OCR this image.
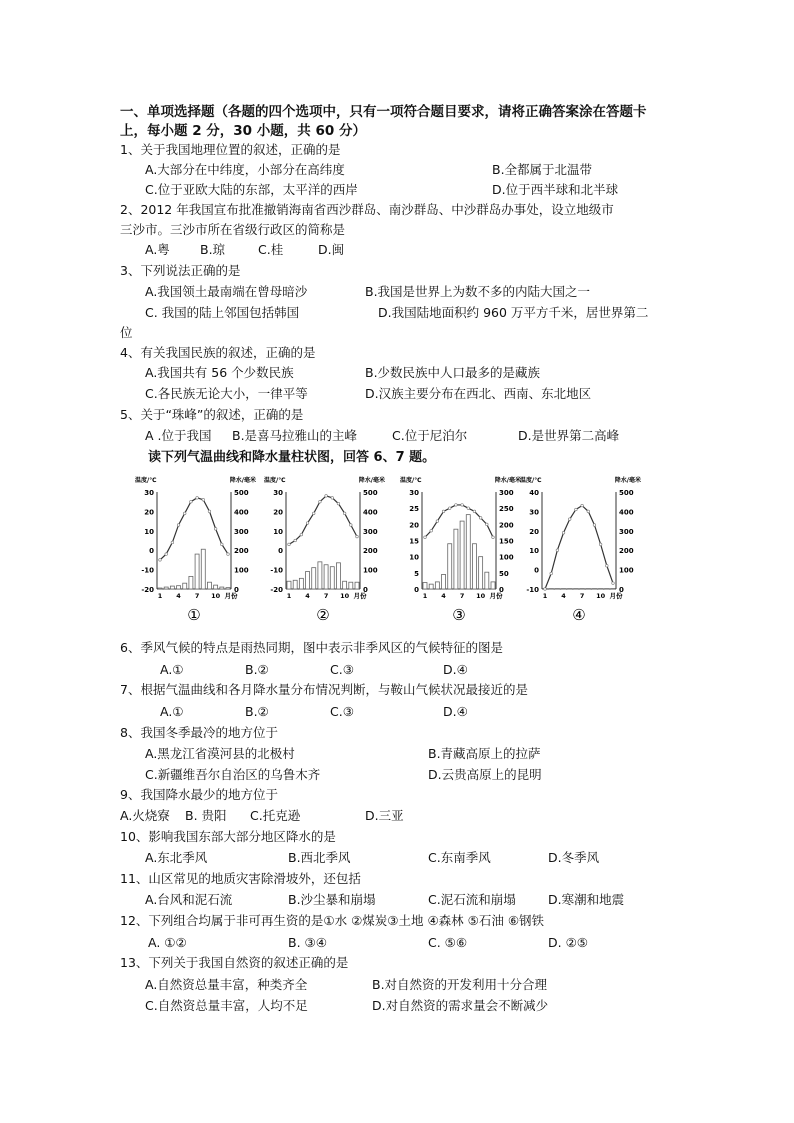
一、单项选择题（各题的四个选项中，只有一项符合题目要求，请将正确答案涂在答题卡
上，每小题 2 分，30 小题，共 60 分）
1、关于我国地理位置的叙述，正确的是
A.大部分在中纬度，小部分在高纬度	B.全都属于北温带
C.位于亚欧大陆的东部，太平洋的西岸	D.位于西半球和北半球
2、2012 年我国宣布批准撤销海南省西沙群岛、南沙群岛、中沙群岛办事处，设立地级市
三沙市。三沙市所在省级行政区的简称是
A.粤 B.琼	C.桂	D.闽
3、下列说法正确的是
A.我国领土最南端在曾母暗沙	B.我国是世界上为数不多的内陆大国之一
C. 我国的陆上邻国包括韩国	D.我国陆地面积约 960 万平方千米，居世界第二
位
4、有关我国民族的叙述，正确的是
A.我国共有 56 个少数民族	B.少数民族中人口最多的是藏族
C.各民族无论大小，一律平等	D.汉族主要分布在西北、西南、东北地区
5、关于“珠峰”的叙述，正确的是
A .位于我国 B.是喜马拉雅山的主峰	C.位于尼泊尔	D.是世界第二高峰
6、季风气候的特点是雨热同期，图中表示非季风区的气候特征的图是
A.①	B.②	C.③	D.④
7、根据气温曲线和各月降水量分布情况判断，与鞍山气候状况最接近的是
A.①	B.②	C.③	D.④
8、我国冬季最冷的地方位于
A.黑龙江省漠河县的北极村	B.青藏高原上的拉萨
C.新疆维吾尔自治区的乌鲁木齐	D.云贵高原上的昆明
9、我国降水最少的地方位于
A.火烧寮 B. 贵阳 C.托克逊	D.三亚
10、影响我国东部大部分地区降水的是
A.东北季风	B.西北季风	C.东南季风	D.冬季风
11、山区常见的地质灾害除滑坡外，还包括
A.台风和泥石流	B.沙尘暴和崩塌	C.泥石流和崩塌	D.寒潮和地震
12、下列组合均属于非可再生资的是①水 ②煤炭③土地 ④森林 ⑤石油 ⑥钢铁
A. ①②	B. ③④	C. ⑤⑥	D. ②⑤
13、下列关于我国自然资的叙述正确的是
A.自然资总量丰富，种类齐全	B.对自然资的开发利用十分合理
C.自然资总量丰富，人均不足	D.对自然资的需求量会不断减少
读下列气温曲线和降水量柱状图，回答 6、7 题。
温度/℃	降水/毫米
30
20
10
0
-10
-20
500
400
300
200
100
0
1 4 7 10 月份
①
温度/℃	降水/毫米
30
20
10
0
-10
-20
500
400
300
200
100
0
1 4 7 10 月份
②
温度/℃	降水/毫米
30
25
20
15
10
5
0
300
250
200
150
100
50
0
1 4 7 10 月份
③
温度/℃	降水/毫米
40
30
20
10
0
-10
500
400
300
200
100
0
1 4 7 10 月份
④
